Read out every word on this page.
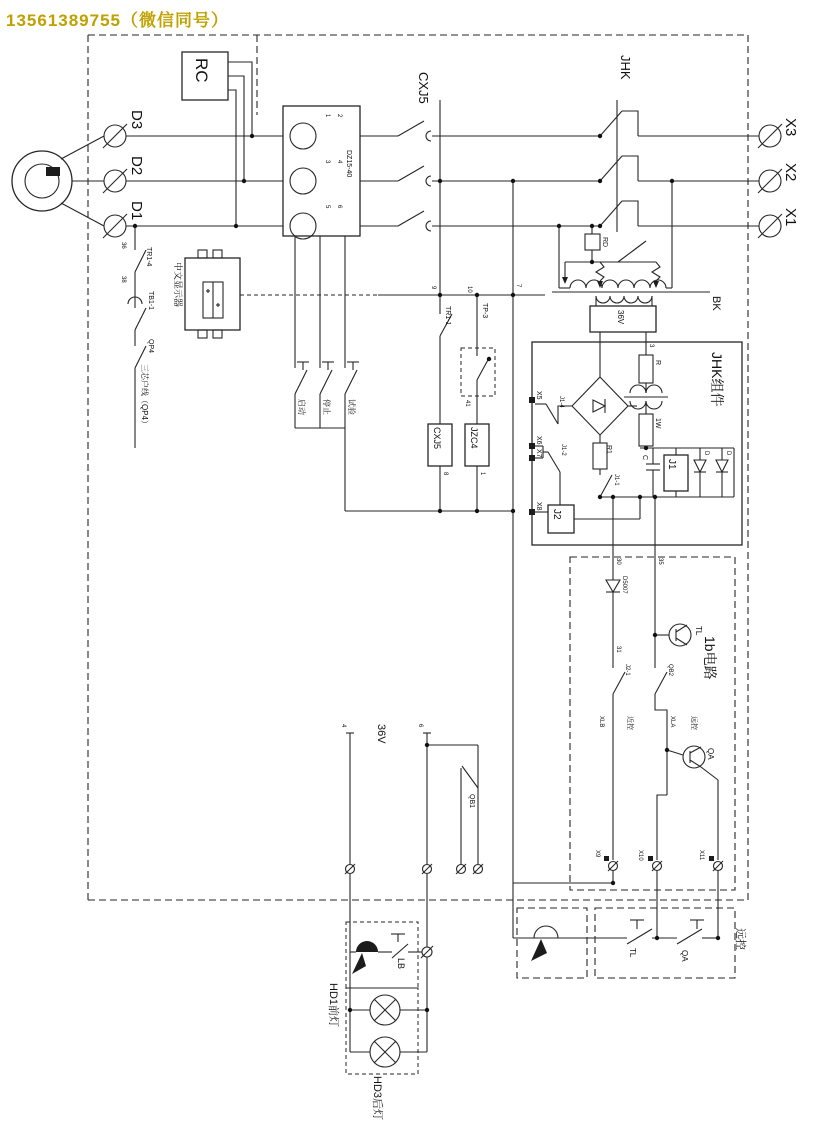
13561389755（微信同号）
RC
D3
D2
D1
DZ15-40
1
3
5
2
4
6
CXJ5
JHK
X3
X2
X1
RD
BK
36V
中文显示器
36
TR1-4
38
TB1-1
QP4
三芯户线（QP4）	启动 停止 试验
9	10
7
TR1-1	TP-3
41
CXJ5	JZC4
8	1
JHK组件
X5
J1-4
X6
X7	J1-2
X8
J2
R
1W
R1
J1-1
C
J1
D	D
3
1b电路
30	35
D5007
31
TL
J2-1	QB2
XLB	近控	XLA 远控
QA
X9	X10	X11
TL	QA
远控
36V
4	6
QB1
LB
HD1前灯
HD3后灯
